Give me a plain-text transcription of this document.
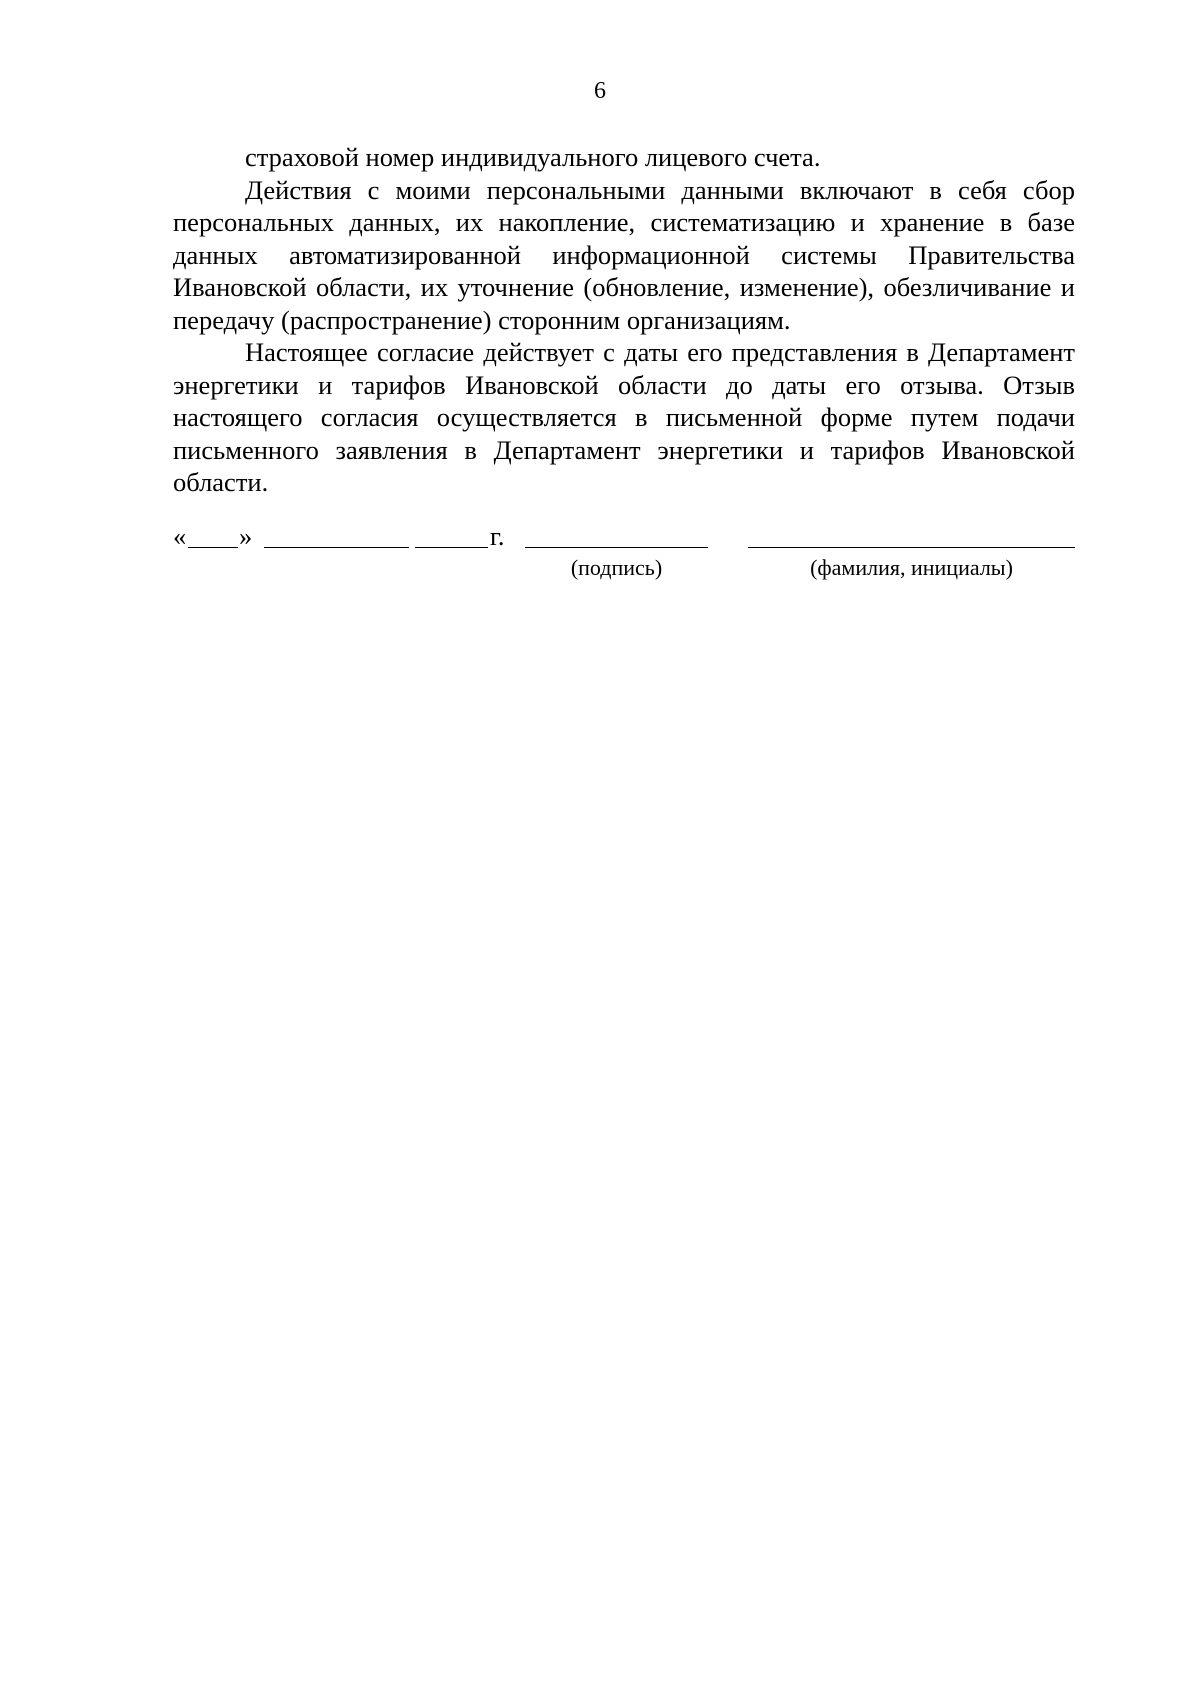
6

страховой номер индивидуального лицевого счета.

Действия с моими персональными данными включают в себя сбор персональных данных, их накопление, систематизацию и хранение в базе данных автоматизированной информационной системы Правительства Ивановской области, их уточнение (обновление, изменение), обезличивание и передачу (распространение) сторонним организациям.

Настоящее согласие действует с даты его представления в Департамент энергетики и тарифов Ивановской области до даты его отзыва. Отзыв настоящего согласия осуществляется в письменной форме путем подачи письменного заявления в Департамент энергетики и тарифов Ивановской области.

« »	г.
(подпись)	(фамилия, инициалы)
